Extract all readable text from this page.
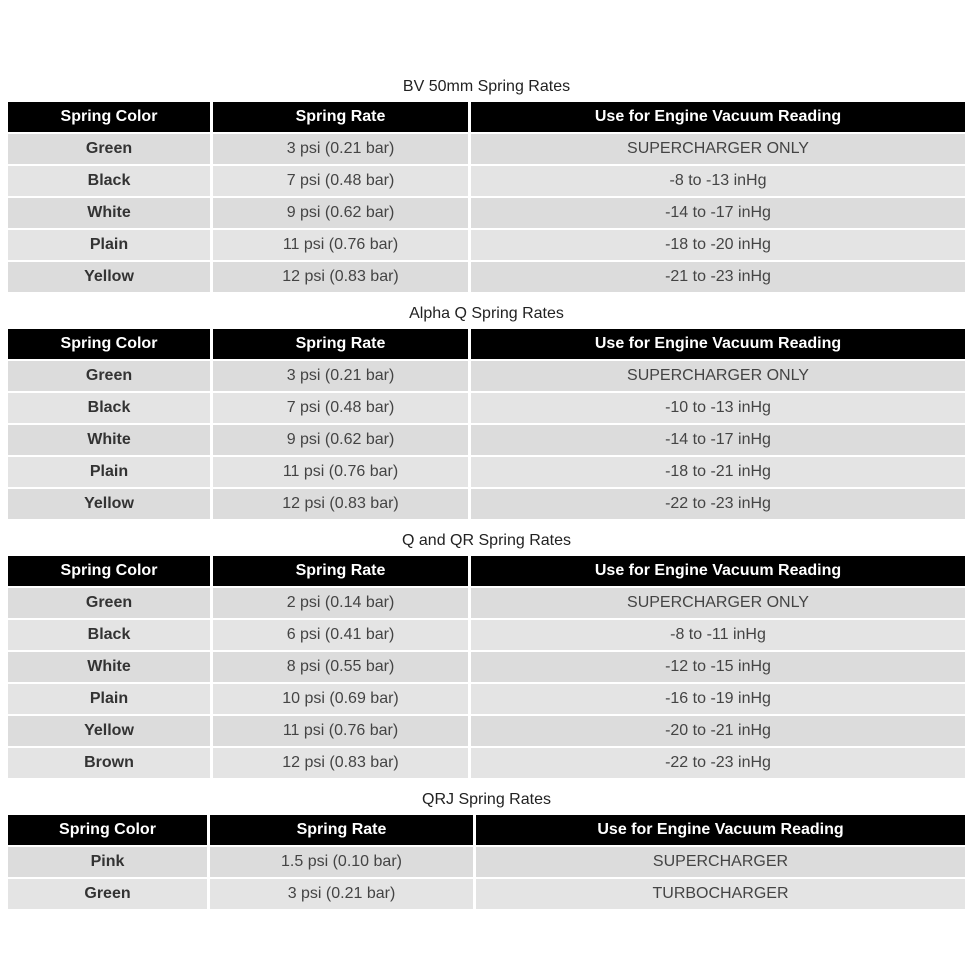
BV 50mm Spring Rates
Spring Color	Spring Rate	Use for Engine Vacuum Reading
Green	3 psi (0.21 bar)	SUPERCHARGER ONLY
Black	7 psi (0.48 bar)	-8 to -13 inHg
White	9 psi (0.62 bar)	-14 to -17 inHg
Plain	11 psi (0.76 bar)	-18 to -20 inHg
Yellow	12 psi (0.83 bar)	-21 to -23 inHg
Alpha Q Spring Rates
Spring Color	Spring Rate	Use for Engine Vacuum Reading
Green	3 psi (0.21 bar)	SUPERCHARGER ONLY
Black	7 psi (0.48 bar)	-10 to -13 inHg
White	9 psi (0.62 bar)	-14 to -17 inHg
Plain	11 psi (0.76 bar)	-18 to -21 inHg
Yellow	12 psi (0.83 bar)	-22 to -23 inHg
Q and QR Spring Rates
Spring Color	Spring Rate	Use for Engine Vacuum Reading
Green	2 psi (0.14 bar)	SUPERCHARGER ONLY
Black	6 psi (0.41 bar)	-8 to -11 inHg
White	8 psi (0.55 bar)	-12 to -15 inHg
Plain	10 psi (0.69 bar)	-16 to -19 inHg
Yellow	11 psi (0.76 bar)	-20 to -21 inHg
Brown	12 psi (0.83 bar)	-22 to -23 inHg
QRJ Spring Rates
Spring Color	Spring Rate	Use for Engine Vacuum Reading
Pink	1.5 psi (0.10 bar)	SUPERCHARGER
Green	3 psi (0.21 bar)	TURBOCHARGER
